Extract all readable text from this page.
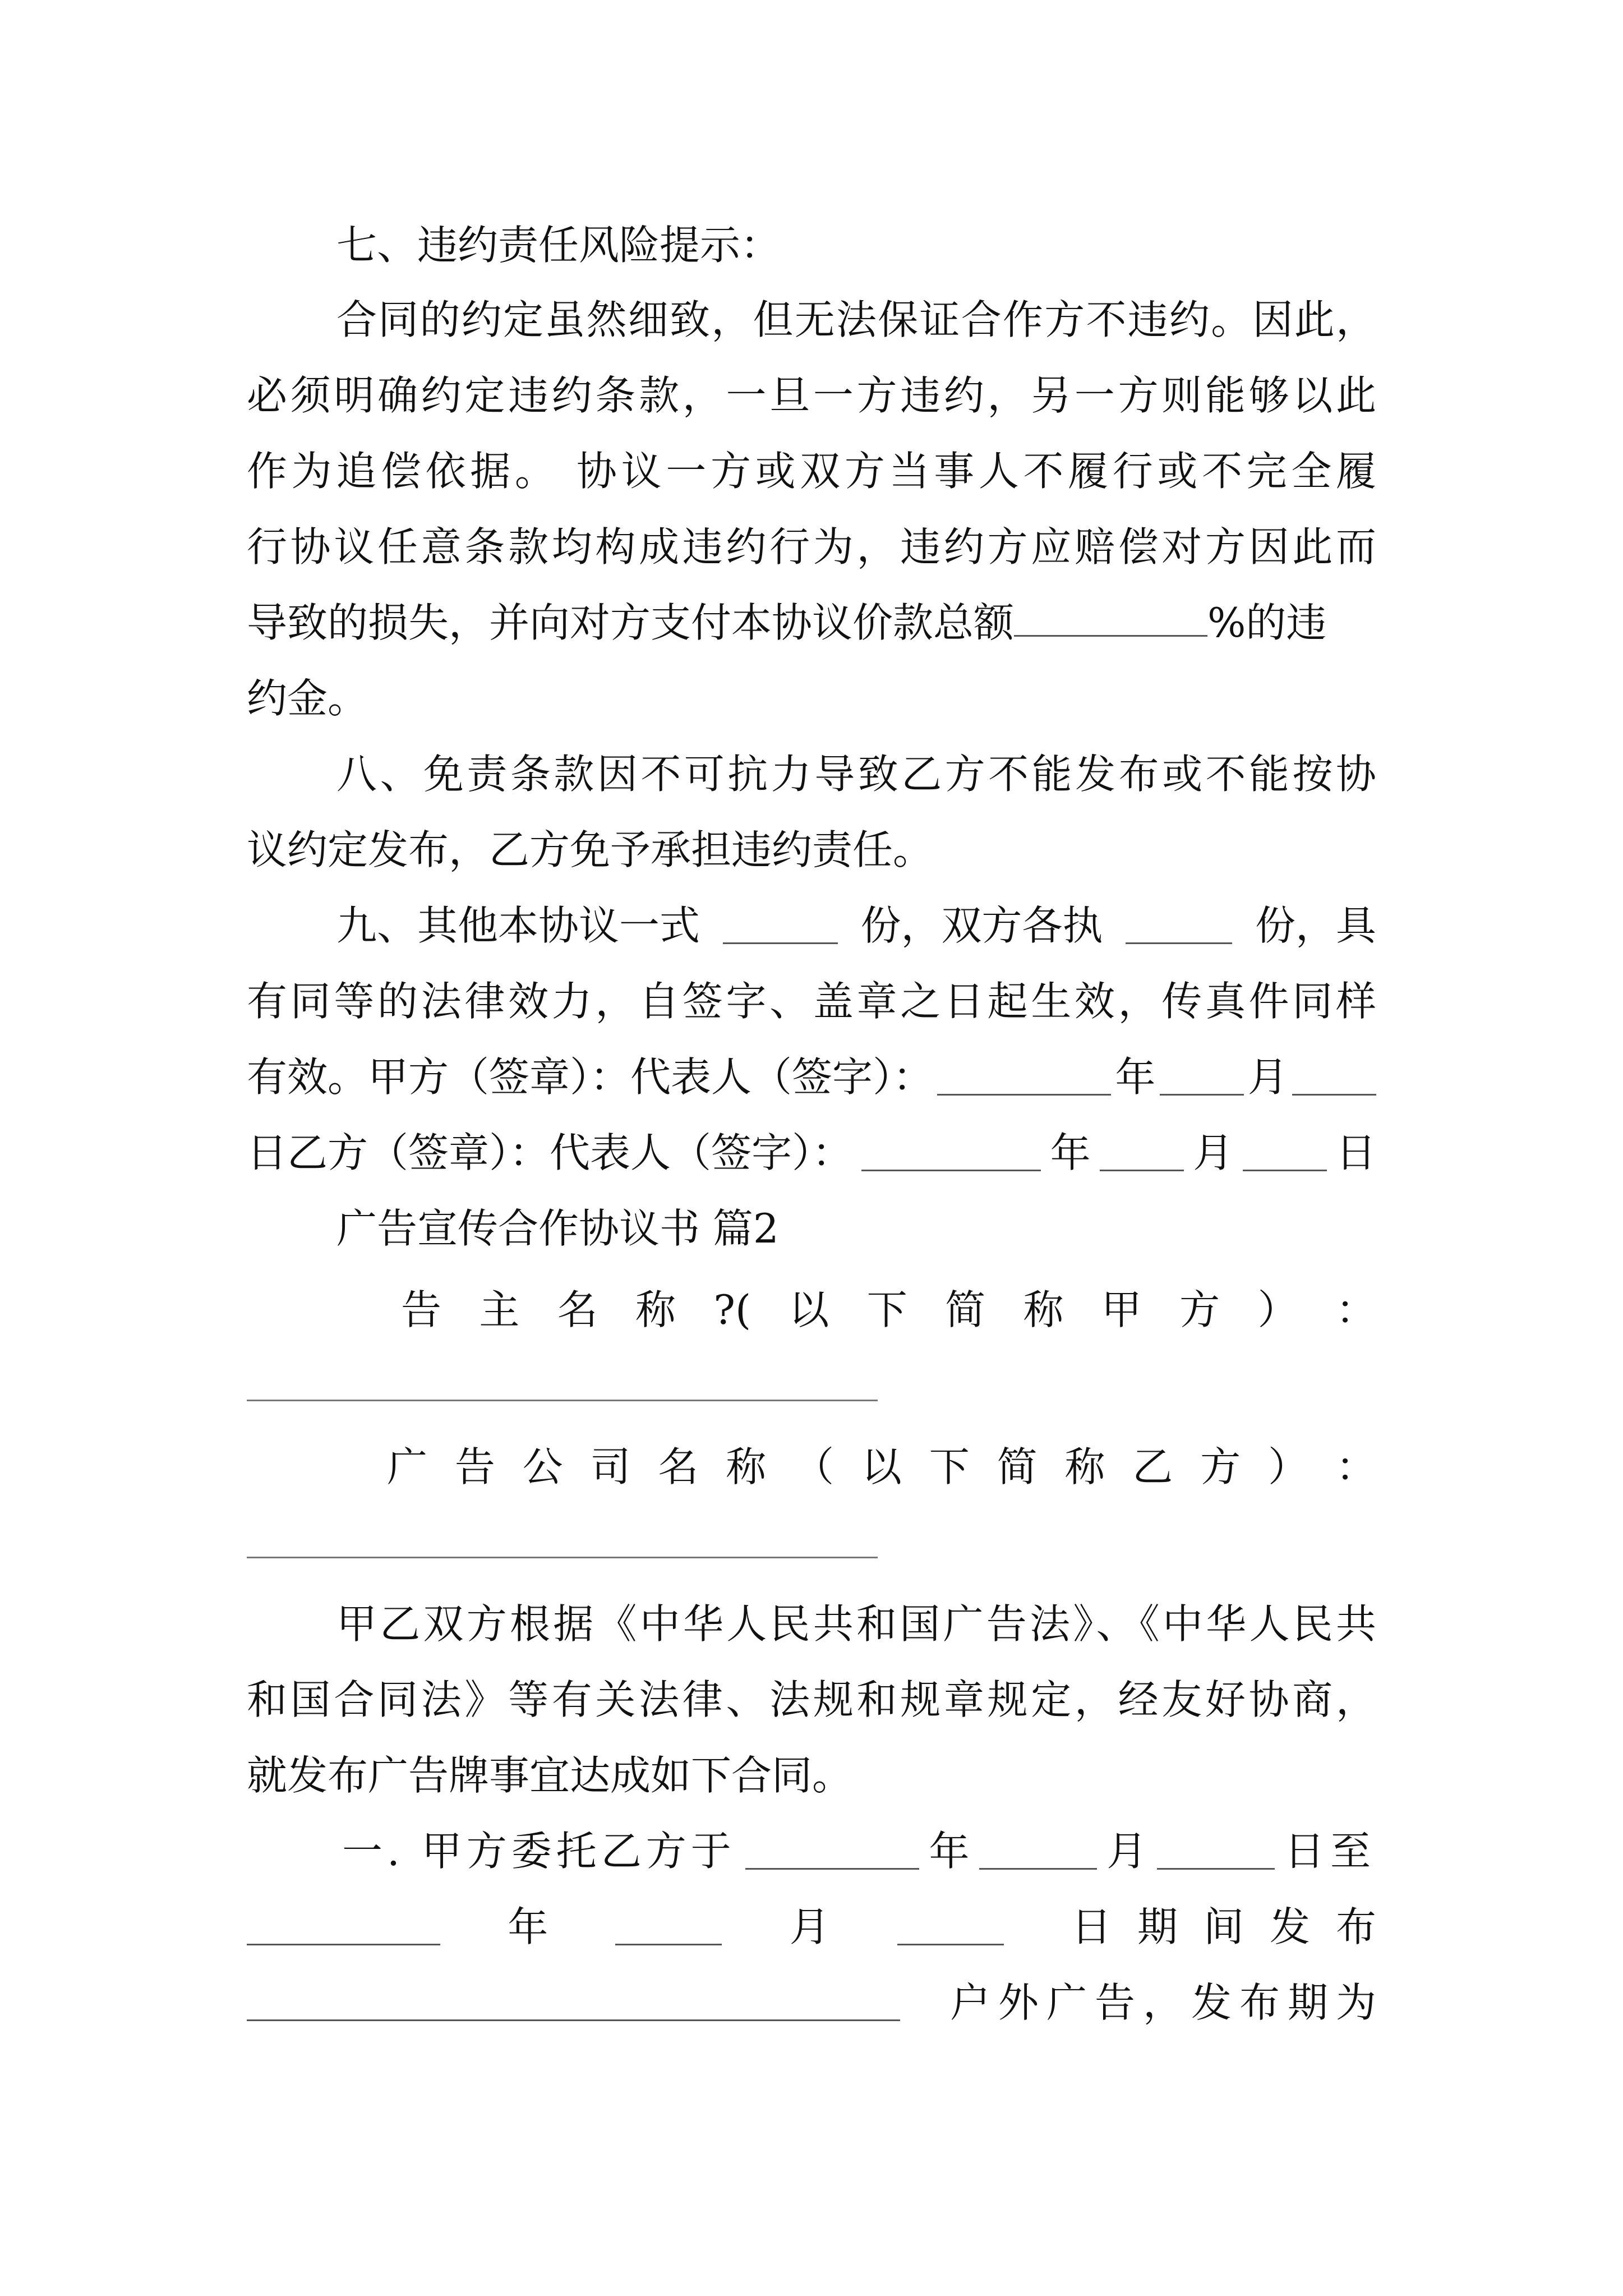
七、违约责任风险提示：
合同的约定虽然细致，但无法保证合作方不违约。因此，
必须明确约定违约条款，一旦一方违约，另一方则能够以此
作为追偿依据。 协议一方或双方当事人不履行或不完全履
行协议任意条款均构成违约行为，违约方应赔偿对方因此而
导致的损失，并向对方支付本协议价款总额	%的违
约金。
八、免责条款因不可抗力导致乙方不能发布或不能按协
议约定发布，乙方免予承担违约责任。
九、其他本协议一式	份，双方各执	份，具
有同等的法律效力，自签字、盖章之日起生效，传真件同样
有效。甲方（签章）：代表人（签字）：	年 月
日乙方（签章）：代表人（签字）：	年	月	日
广告宣传合作协议书 篇2
告 主 名 称 ?( 以 下 简 称 甲 方 ） ：
广 告 公 司 名 称 （ 以 下 简 称 乙 方 ） ：
甲乙双方根据《中华人民共和国广告法》、《中华人民共
和国合同法》等有关法律、法规和规章规定，经友好协商，
就发布广告牌事宜达成如下合同。
一. 甲方委托乙方于	年	月	日至
年	月	日期间发布
户外广告，发布期为
